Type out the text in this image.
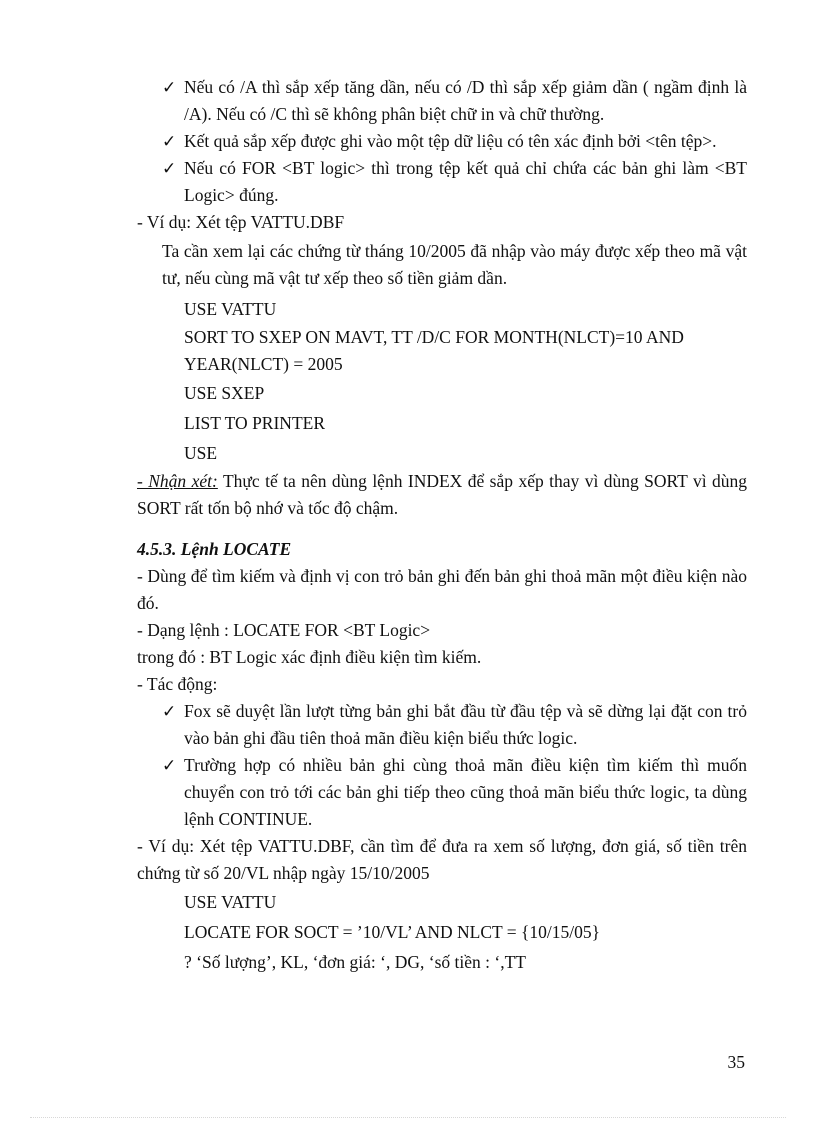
✓ Nếu có /A thì sắp xếp tăng dần, nếu có /D thì sắp xếp giảm dần ( ngầm định là /A). Nếu có /C thì sẽ không phân biệt chữ in và chữ thường.

✓ Kết quả sắp xếp được ghi vào một tệp dữ liệu có tên xác định bởi <tên tệp>.

✓ Nếu có FOR <BT logic> thì trong tệp kết quả chỉ chứa các bản ghi làm <BT Logic> đúng.

- Ví dụ: Xét tệp VATTU.DBF

Ta cần xem lại các chứng từ tháng 10/2005 đã nhập vào máy được xếp theo mã vật tư, nếu cùng mã vật tư xếp theo số tiền giảm dần.

USE VATTU

SORT TO SXEP ON MAVT, TT /D/C FOR MONTH(NLCT)=10 AND YEAR(NLCT) = 2005

USE SXEP

LIST TO PRINTER

USE

- Nhận xét: Thực tế ta nên dùng lệnh INDEX để sắp xếp thay vì dùng SORT vì dùng SORT rất tốn bộ nhớ và tốc độ chậm.

4.5.3. Lệnh LOCATE

- Dùng để tìm kiếm và định vị con trỏ bản ghi đến bản ghi thoả mãn một điều kiện nào đó.

- Dạng lệnh : LOCATE FOR <BT Logic>

trong đó : BT Logic xác định điều kiện tìm kiếm.

- Tác động:

✓ Fox sẽ duyệt lần lượt từng bản ghi bắt đầu từ đầu tệp và sẽ dừng lại đặt con trỏ vào bản ghi đầu tiên thoả mãn điều kiện biểu thức logic.

✓ Trường hợp có nhiều bản ghi cùng thoả mãn điều kiện tìm kiếm thì muốn chuyển con trỏ tới các bản ghi tiếp theo cũng thoả mãn biểu thức logic, ta dùng lệnh CONTINUE.

- Ví dụ: Xét tệp VATTU.DBF, cần tìm để đưa ra xem số lượng, đơn giá, số tiền trên chứng từ số 20/VL nhập ngày 15/10/2005

USE VATTU

LOCATE FOR SOCT = ’10/VL’ AND NLCT = {10/15/05}

? ‘Số lượng’, KL, ‘đơn giá: ‘, DG, ‘số tiền : ‘,TT

35
